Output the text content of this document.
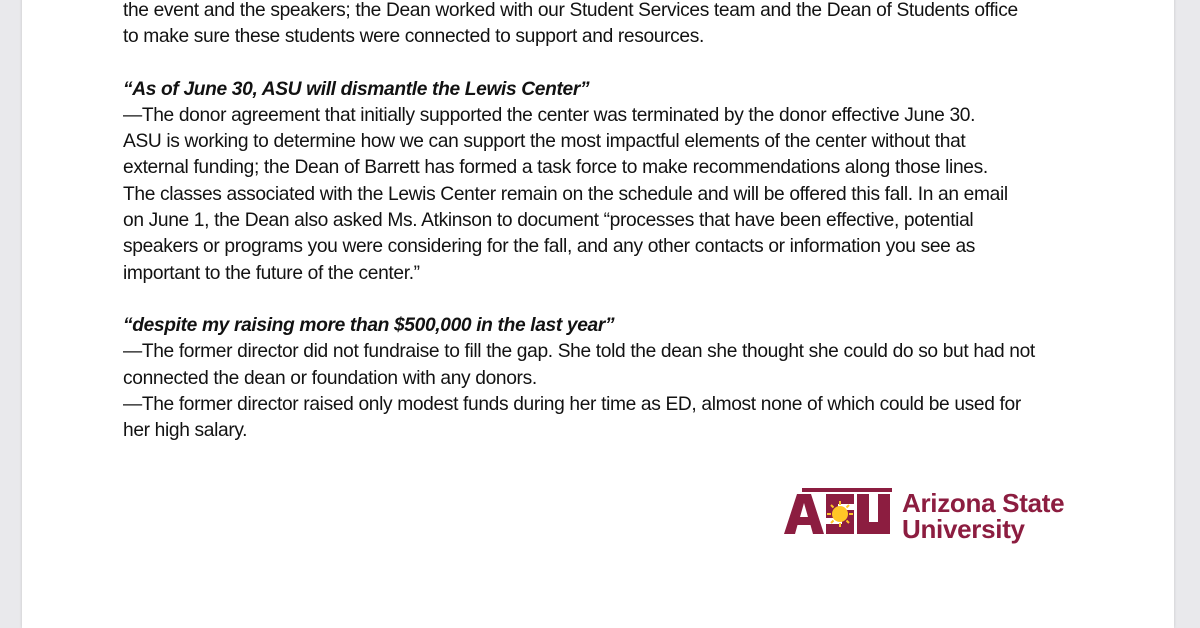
the event and the speakers; the Dean worked with our Student Services team and the Dean of Students office

to make sure these students were connected to support and resources.

“As of June 30, ASU will dismantle the Lewis Center”

—The donor agreement that initially supported the center was terminated by the donor effective June 30.

ASU is working to determine how we can support the most impactful elements of the center without that

external funding; the Dean of Barrett has formed a task force to make recommendations along those lines.

The classes associated with the Lewis Center remain on the schedule and will be offered this fall. In an email

on June 1, the Dean also asked Ms. Atkinson to document “processes that have been effective, potential

speakers or programs you were considering for the fall, and any other contacts or information you see as

important to the future of the center.”

“despite my raising more than $500,000 in the last year”

—The former director did not fundraise to fill the gap. She told the dean she thought she could do so but had not

connected the dean or foundation with any donors.

—The former director raised only modest funds during her time as ED, almost none of which could be used for

her high salary.

Arizona State
University
